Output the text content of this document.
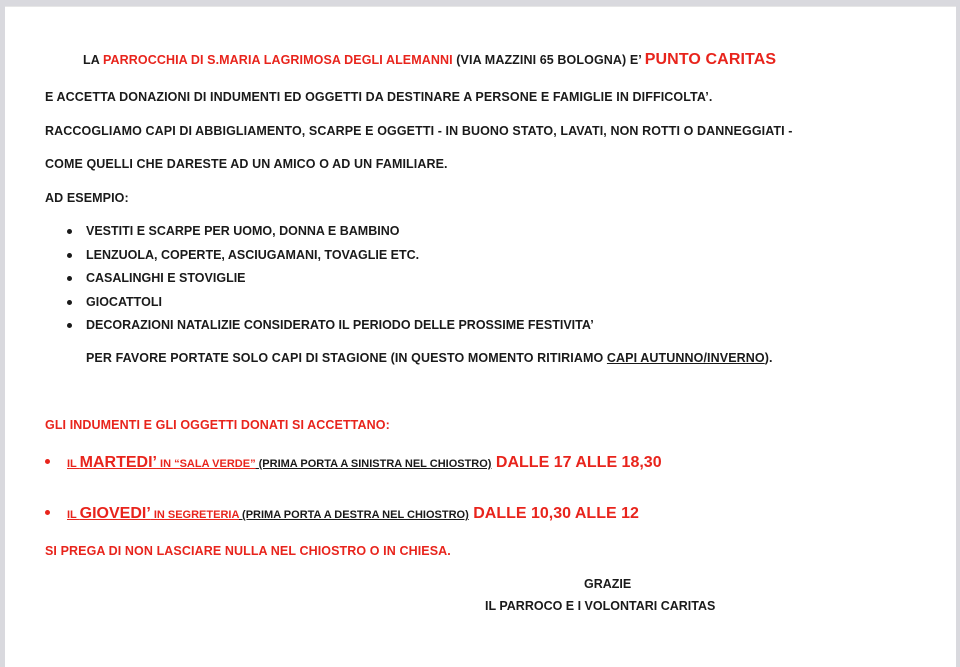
LA PARROCCHIA DI S.MARIA LAGRIMOSA DEGLI ALEMANNI (VIA MAZZINI 65 BOLOGNA) E’ PUNTO CARITAS
E ACCETTA DONAZIONI DI INDUMENTI ED OGGETTI DA DESTINARE A PERSONE E FAMIGLIE IN DIFFICOLTA’.
RACCOGLIAMO CAPI DI ABBIGLIAMENTO, SCARPE E OGGETTI - IN BUONO STATO, LAVATI, NON ROTTI O DANNEGGIATI -
COME QUELLI CHE DARESTE AD UN AMICO O AD UN FAMILIARE.
AD ESEMPIO:
VESTITI E SCARPE PER UOMO, DONNA E BAMBINO
LENZUOLA, COPERTE, ASCIUGAMANI, TOVAGLIE ETC.
CASALINGHI E STOVIGLIE
GIOCATTOLI
DECORAZIONI NATALIZIE CONSIDERATO IL PERIODO DELLE PROSSIME FESTIVITA’
PER FAVORE PORTATE SOLO CAPI DI STAGIONE (IN QUESTO MOMENTO RITIRIAMO CAPI AUTUNNO/INVERNO).
GLI INDUMENTI E GLI OGGETTI DONATI SI ACCETTANO:
IL MARTEDI’ IN “SALA VERDE” (PRIMA PORTA A SINISTRA NEL CHIOSTRO) DALLE 17 ALLE 18,30
IL GIOVEDI’ IN SEGRETERIA (PRIMA PORTA A DESTRA NEL CHIOSTRO) DALLE 10,30 ALLE 12
SI PREGA DI NON LASCIARE NULLA NEL CHIOSTRO O IN CHIESA.
GRAZIE
IL PARROCO E I VOLONTARI CARITAS
